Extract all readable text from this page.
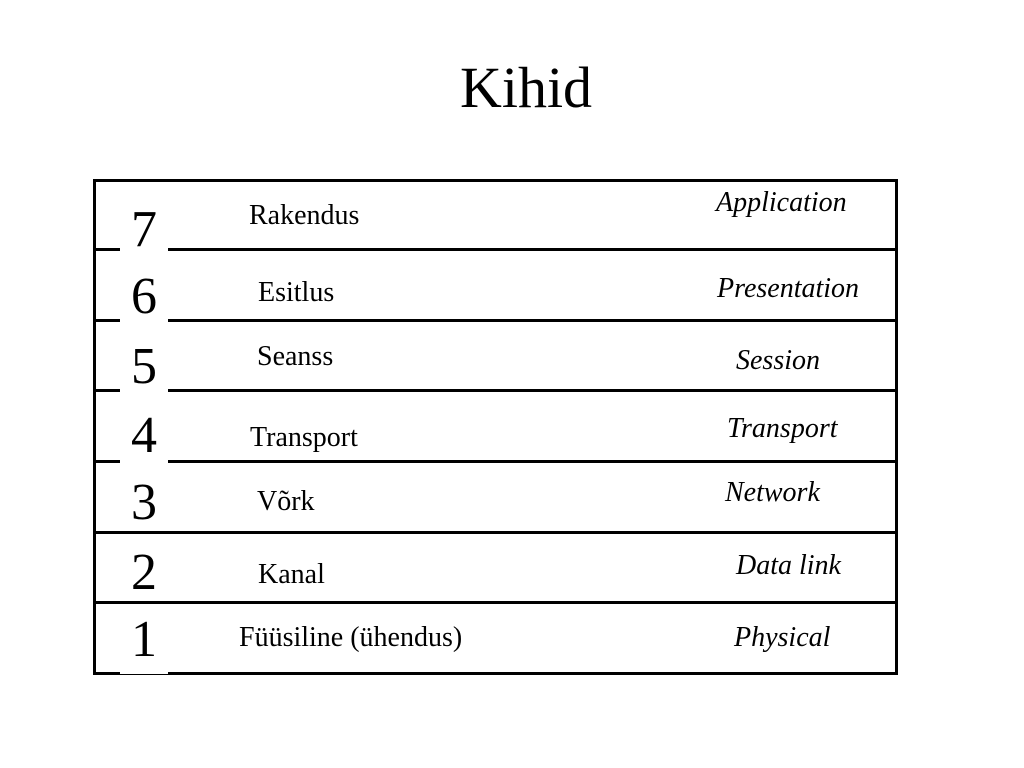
Kihid
7
6
5
4
3
2
1
Rakendus
Esitlus
Seanss
Transport
Võrk
Kanal
Füüsiline (ühendus)
Application
Presentation
Session
Transport
Network
Data link
Physical
